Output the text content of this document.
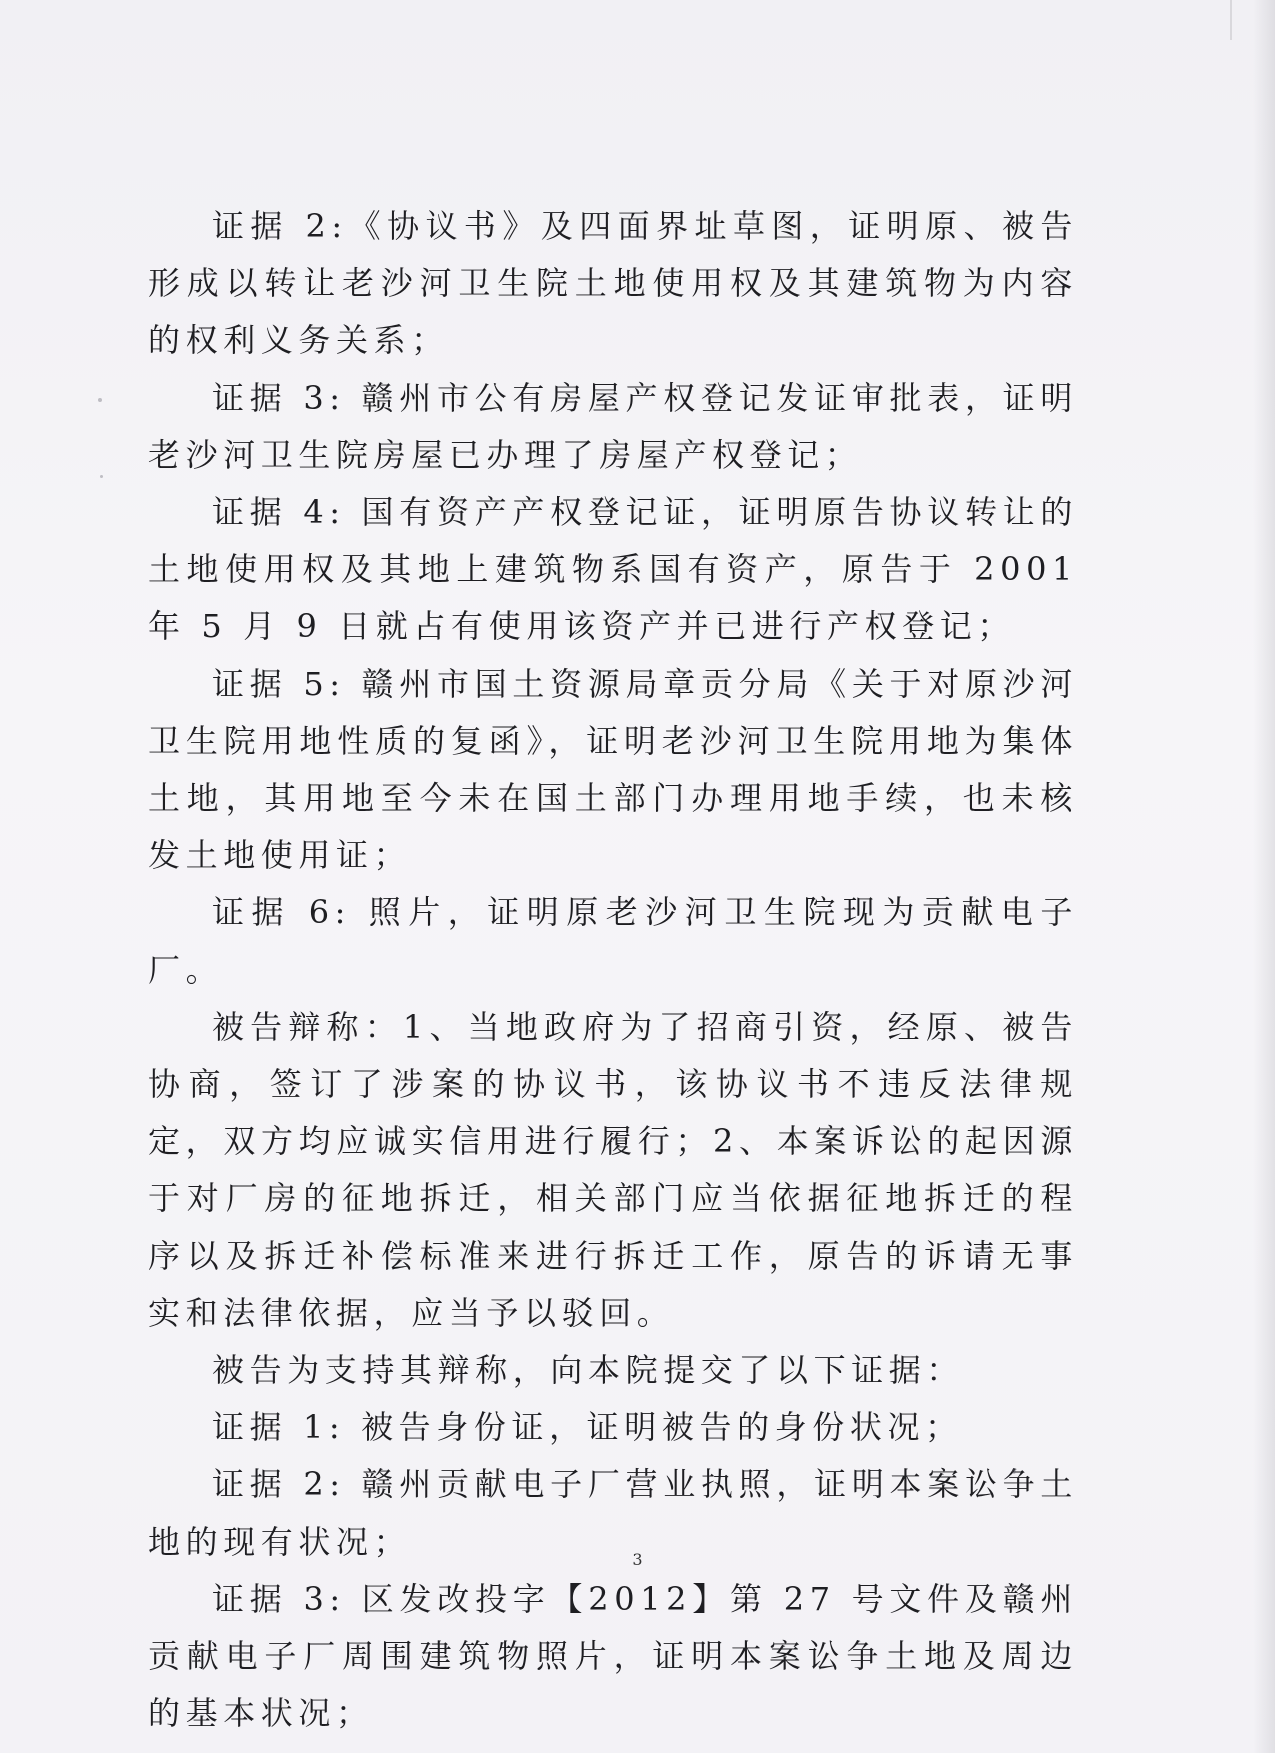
证据 2:《协议书》及四面界址草图，证明原、被告形成以转让老沙河卫生院土地使用权及其建筑物为内容的权利义务关系；

证据 3: 赣州市公有房屋产权登记发证审批表，证明老沙河卫生院房屋已办理了房屋产权登记；

证据 4: 国有资产产权登记证，证明原告协议转让的土地使用权及其地上建筑物系国有资产，原告于 2001 年 5 月 9 日就占有使用该资产并已进行产权登记；

证据 5: 赣州市国土资源局章贡分局《关于对原沙河卫生院用地性质的复函》，证明老沙河卫生院用地为集体土地，其用地至今未在国土部门办理用地手续，也未核发土地使用证；

证据 6: 照片，证明原老沙河卫生院现为贡献电子厂。

被告辩称：1、当地政府为了招商引资，经原、被告协商，签订了涉案的协议书，该协议书不违反法律规定，双方均应诚实信用进行履行；2、本案诉讼的起因源于对厂房的征地拆迁，相关部门应当依据征地拆迁的程序以及拆迁补偿标准来进行拆迁工作，原告的诉请无事实和法律依据，应当予以驳回。

被告为支持其辩称，向本院提交了以下证据：

证据 1: 被告身份证，证明被告的身份状况；

证据 2: 赣州贡献电子厂营业执照，证明本案讼争土地的现有状况；

证据 3: 区发改投字【2012】第 27 号文件及赣州贡献电子厂周围建筑物照片，证明本案讼争土地及周边的基本状况；

3
